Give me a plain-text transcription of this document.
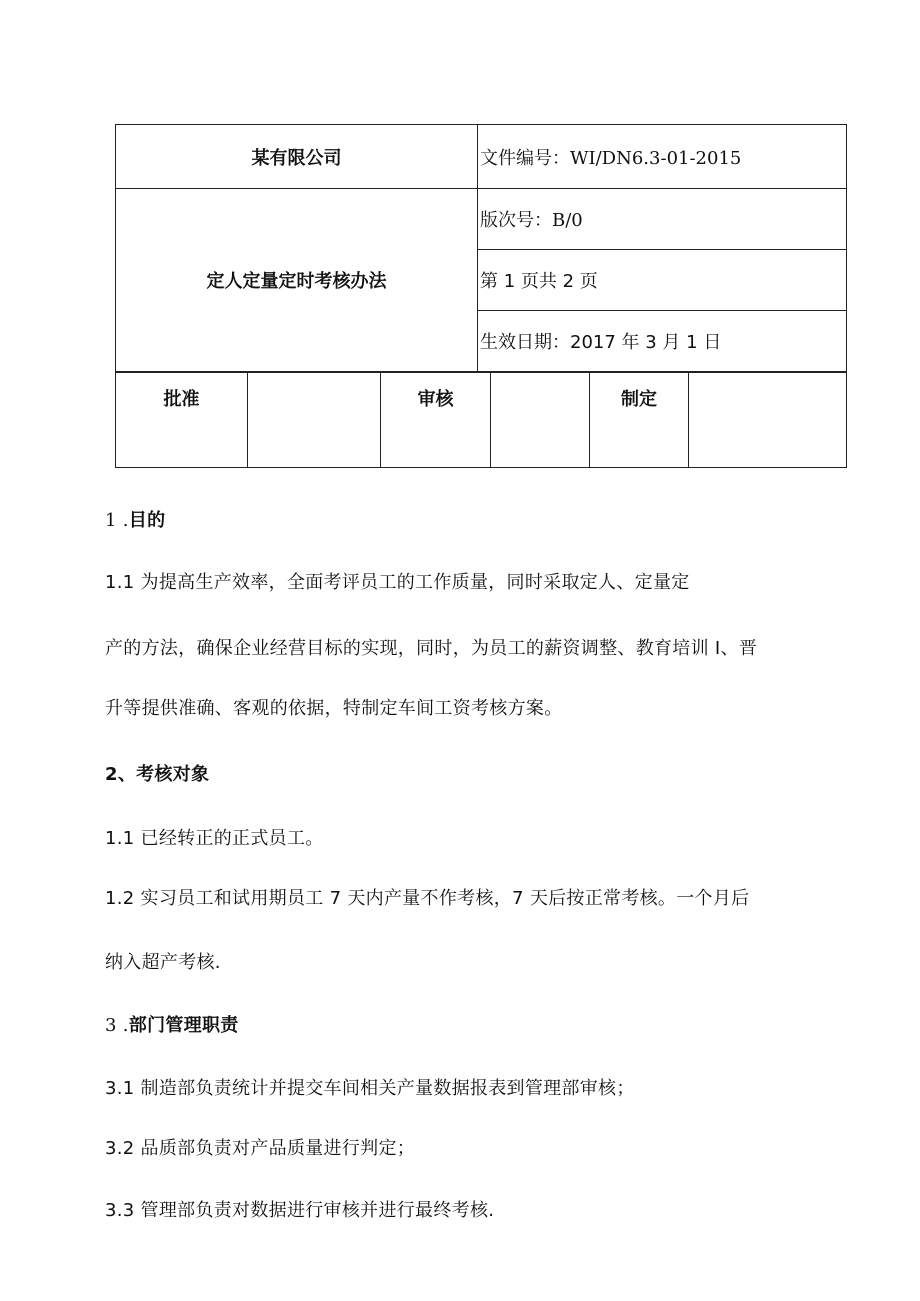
某有限公司	文件编号：WI/DN6.3-01-2015
定人定量定时考核办法	版次号：B/0
	第 1 页共 2 页
	生效日期：2017 年 3 月 1 日
批准		审核		制定	
1 .目的
1.1 为提高生产效率，全面考评员工的工作质量，同时采取定人、定量定
产的方法，确保企业经营目标的实现，同时，为员工的薪资调整、教育培训 I、晋
升等提供准确、客观的依据，特制定车间工资考核方案。
2、考核对象
1.1 已经转正的正式员工。
1.2 实习员工和试用期员工 7 天内产量不作考核，7 天后按正常考核。一个月后
纳入超产考核.
3 .部门管理职责
3.1 制造部负责统计并提交车间相关产量数据报表到管理部审核；
3.2 品质部负责对产品质量进行判定；
3.3 管理部负责对数据进行审核并进行最终考核.
